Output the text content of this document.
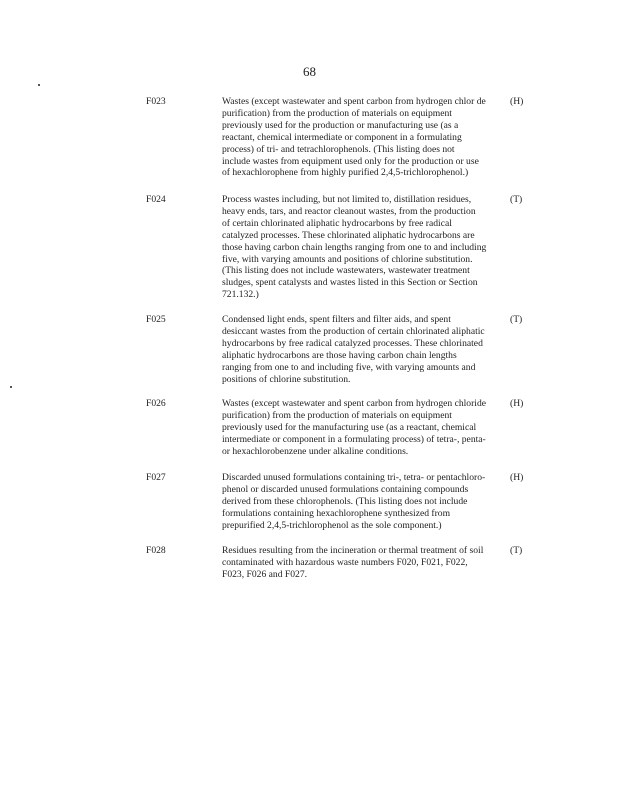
68
F023	Wastes (except wastewater and spent carbon from hydrogen chlor de
purification) from the production of materials on equipment
previously used for the production or manufacturing use (as a
reactant, chemical intermediate or component in a formulating
process) of tri- and tetrachlorophenols. (This listing does not
include wastes from equipment used only for the production or use
of hexachlorophene from highly purified 2,4,5-trichlorophenol.)
(H)
F024	Process wastes including, but not limited to, distillation residues,
heavy ends, tars, and reactor cleanout wastes, from the production
of certain chlorinated aliphatic hydrocarbons by free radical
catalyzed processes. These chlorinated aliphatic hydrocarbons are
those having carbon chain lengths ranging from one to and including
five, with varying amounts and positions of chlorine substitution.
(This listing does not include wastewaters, wastewater treatment
sludges, spent catalysts and wastes listed in this Section or Section
721.132.)
(T)
F025	Condensed light ends, spent filters and filter aids, and spent
desiccant wastes from the production of certain chlorinated aliphatic
hydrocarbons by free radical catalyzed processes. These chlorinated
aliphatic hydrocarbons are those having carbon chain lengths
ranging from one to and including five, with varying amounts and
positions of chlorine substitution.
(T)
F026	Wastes (except wastewater and spent carbon from hydrogen chloride
purification) from the production of materials on equipment
previously used for the manufacturing use (as a reactant, chemical
intermediate or component in a formulating process) of tetra-, penta-
or hexachlorobenzene under alkaline conditions.
(H)
F027	Discarded unused formulations containing tri-, tetra- or pentachloro-
phenol or discarded unused formulations containing compounds
derived from these chlorophenols. (This listing does not include
formulations containing hexachlorophene synthesized from
prepurified 2,4,5-trichlorophenol as the sole component.)
(H)
F028	Residues resulting from the incineration or thermal treatment of soil
contaminated with hazardous waste numbers F020, F021, F022,
F023, F026 and F027.
(T)
